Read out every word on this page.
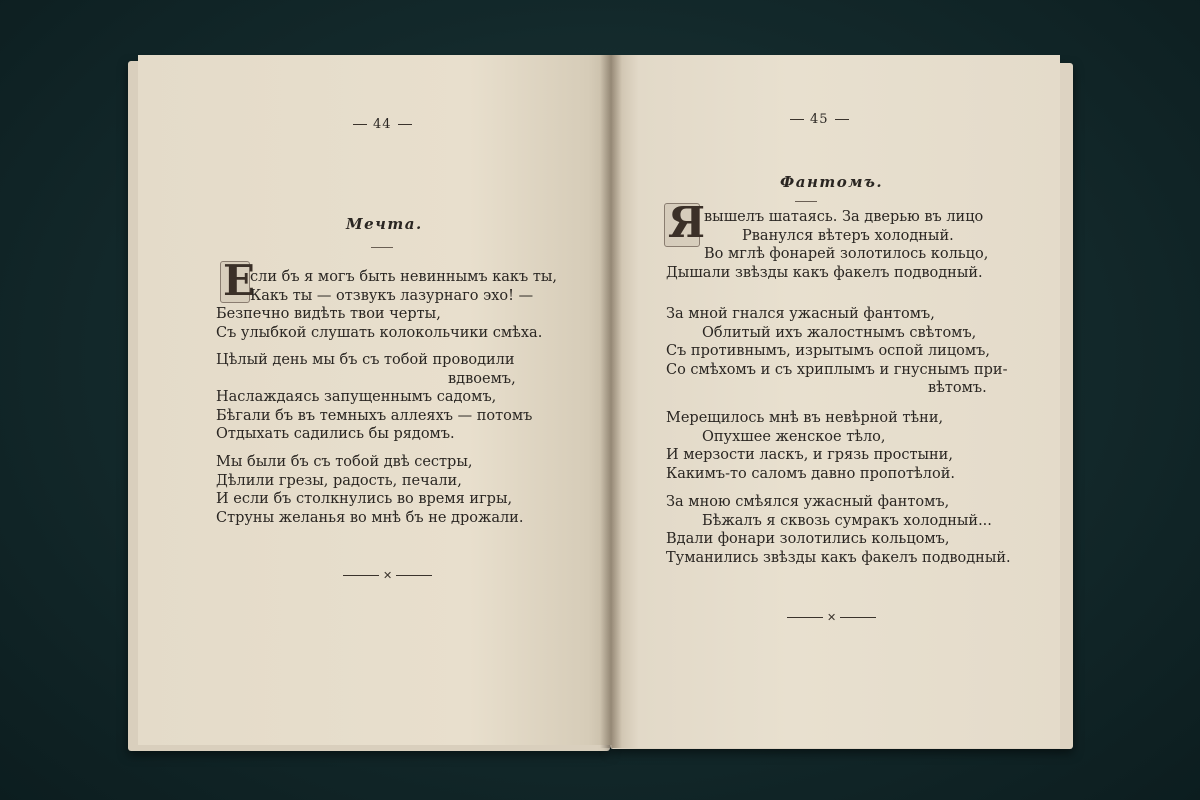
44
Мечта.
Е
сли бъ я могъ быть невиннымъ какъ ты,
Какъ ты — отзвукъ лазурнаго эхо! —
Безпечно видѣть твои черты,
Съ улыбкой слушать колокольчики смѣха.
Цѣлый день мы бъ съ тобой проводили
вдвоемъ,
Наслаждаясь запущеннымъ садомъ,
Бѣгали бъ въ темныхъ аллеяхъ — потомъ
Отдыхать садились бы рядомъ.
Мы были бъ съ тобой двѣ сестры,
Дѣлили грезы, радость, печали,
И если бъ столкнулись во время игры,
Струны желанья во мнѣ бъ не дрожали.
✕
45
Фантомъ.
Я
вышелъ шатаясь. За дверью въ лицо
Рванулся вѣтеръ холодный.
Во мглѣ фонарей золотилось кольцо,
Дышали звѣзды какъ факелъ подводный.
За мной гнался ужасный фантомъ,
Облитый ихъ жалостнымъ свѣтомъ,
Съ противнымъ, изрытымъ оспой лицомъ,
Со смѣхомъ и съ хриплымъ и гнуснымъ при-
вѣтомъ.
Мерещилось мнѣ въ невѣрной тѣни,
Опухшее женское тѣло,
И мерзости ласкъ, и грязь простыни,
Какимъ-то саломъ давно пропотѣлой.
За мною смѣялся ужасный фантомъ,
Бѣжалъ я сквозь сумракъ холодный...
Вдали фонари золотились кольцомъ,
Туманились звѣзды какъ факелъ подводный.
✕
